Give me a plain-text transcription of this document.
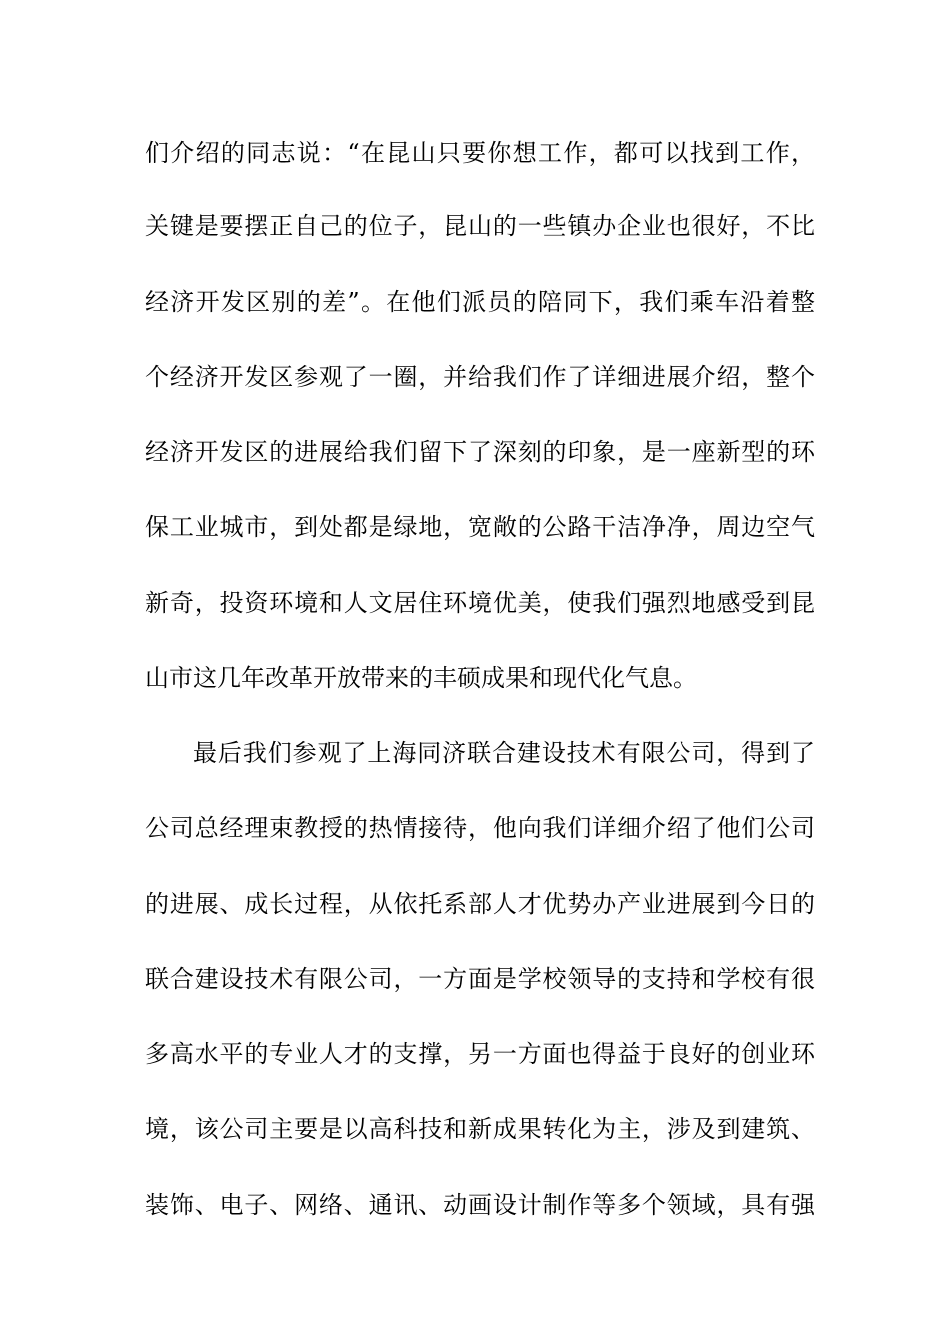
们介绍的同志说：“在昆山只要你想工作，都可以找到工作，

关键是要摆正自己的位子，昆山的一些镇办企业也很好，不比

经济开发区别的差”。在他们派员的陪同下，我们乘车沿着整

个经济开发区参观了一圈，并给我们作了详细进展介绍，整个

经济开发区的进展给我们留下了深刻的印象，是一座新型的环

保工业城市，到处都是绿地，宽敞的公路干洁净净，周边空气

新奇，投资环境和人文居住环境优美，使我们强烈地感受到昆

山市这几年改革开放带来的丰硕成果和现代化气息。

最后我们参观了上海同济联合建设技术有限公司，得到了

公司总经理束教授的热情接待，他向我们详细介绍了他们公司

的进展、成长过程，从依托系部人才优势办产业进展到今日的

联合建设技术有限公司，一方面是学校领导的支持和学校有很

多高水平的专业人才的支撑，另一方面也得益于良好的创业环

境，该公司主要是以高科技和新成果转化为主，涉及到建筑、

装饰、电子、网络、通讯、动画设计制作等多个领域，具有强
